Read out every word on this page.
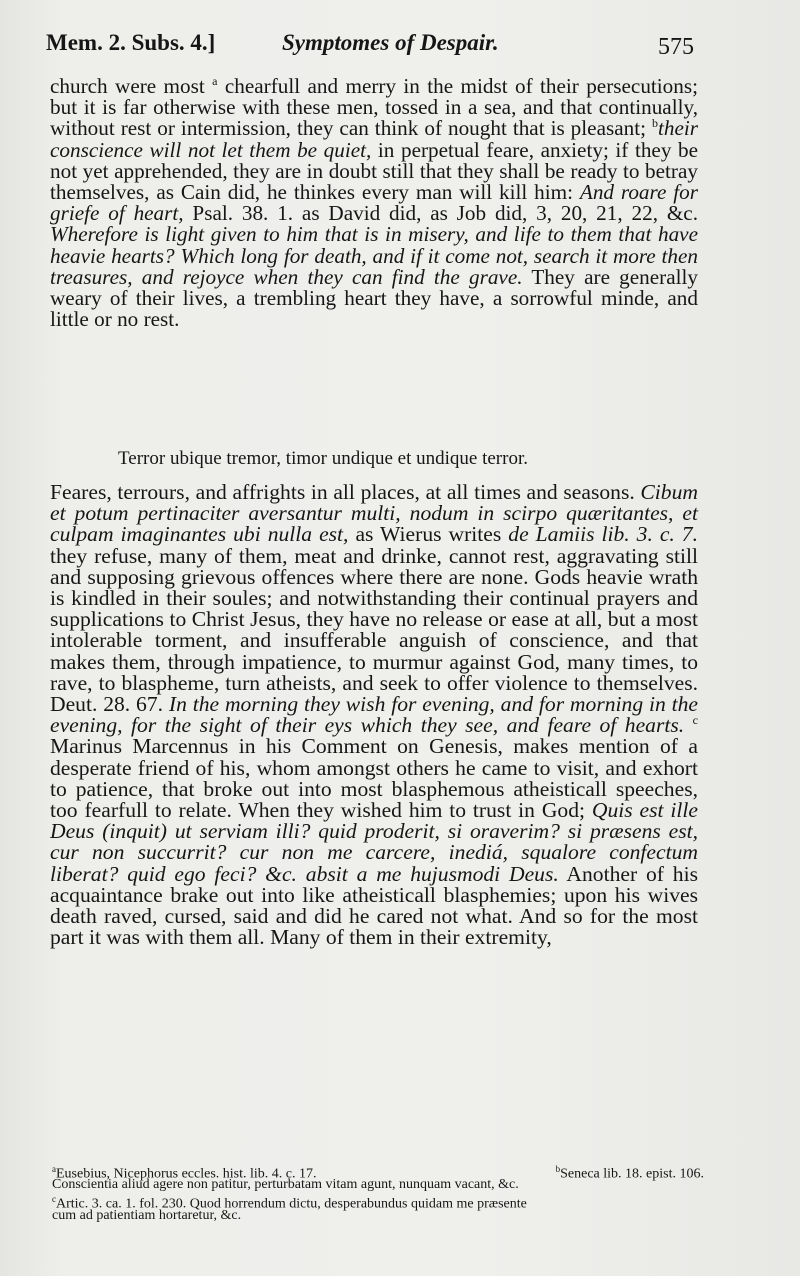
Mem. 2. Subs. 4.]	Symptomes of Despair.	575

church were most $^a$ chearfull and merry in the midst of their persecutions; but it is far otherwise with these men, tossed in a sea, and that continually, without rest or intermission, they can think of nought that is pleasant; $^b$their conscience will not let them be quiet, in perpetual feare, anxiety; if they be not yet apprehended, they are in doubt still that they shall be ready to betray themselves, as Cain did, he thinkes every man will kill him: And roare for griefe of heart, Psal. 38. 1. as David did, as Job did, 3, 20, 21, 22, &c. Wherefore is light given to him that is in misery, and life to them that have heavie hearts? Which long for death, and if it come not, search it more then treasures, and rejoyce when they can find the grave. They are generally weary of their lives, a trembling heart they have, a sorrowful minde, and little or no rest.

Terror ubique tremor, timor undique et undique terror.

Feares, terrours, and affrights in all places, at all times and seasons. Cibum et potum pertinaciter aversantur multi, nodum in scirpo quæritantes, et culpam imaginantes ubi nulla est, as Wierus writes de Lamiis lib. 3. c. 7. they refuse, many of them, meat and drinke, cannot rest, aggravating still and supposing grievous offences where there are none. Gods heavie wrath is kindled in their soules; and notwithstanding their continual prayers and supplications to Christ Jesus, they have no release or ease at all, but a most intolerable torment, and insufferable anguish of conscience, and that makes them, through impatience, to murmur against God, many times, to rave, to blaspheme, turn atheists, and seek to offer violence to themselves. Deut. 28. 67. In the morning they wish for evening, and for morning in the evening, for the sight of their eys which they see, and feare of hearts. $^c$ Marinus Marcennus in his Comment on Genesis, makes mention of a desperate friend of his, whom amongst others he came to visit, and exhort to patience, that broke out into most blasphemous atheisticall speeches, too fearfull to relate. When they wished him to trust in God; Quis est ille Deus (inquit) ut serviam illi? quid proderit, si oraverim? si præsens est, cur non succurrit? cur non me carcere, inediá, squalore confectum liberat? quid ego feci? &c. absit a me hujusmodi Deus. Another of his acquaintance brake out into like atheisticall blasphemies; upon his wives death raved, cursed, said and did he cared not what. And so for the most part it was with them all. Many of them in their extremity,

$^a$Eusebius, Nicephorus eccles. hist. lib. 4. c. 17.	$^b$Seneca lib. 18. epist. 106.
Conscientia aliud agere non patitur, perturbatam vitam agunt, nunquam vacant, &c.
$^c$Artic. 3. ca. 1. fol. 230. Quod horrendum dictu, desperabundus quidam me præsente
cum ad patientiam hortaretur, &c.
